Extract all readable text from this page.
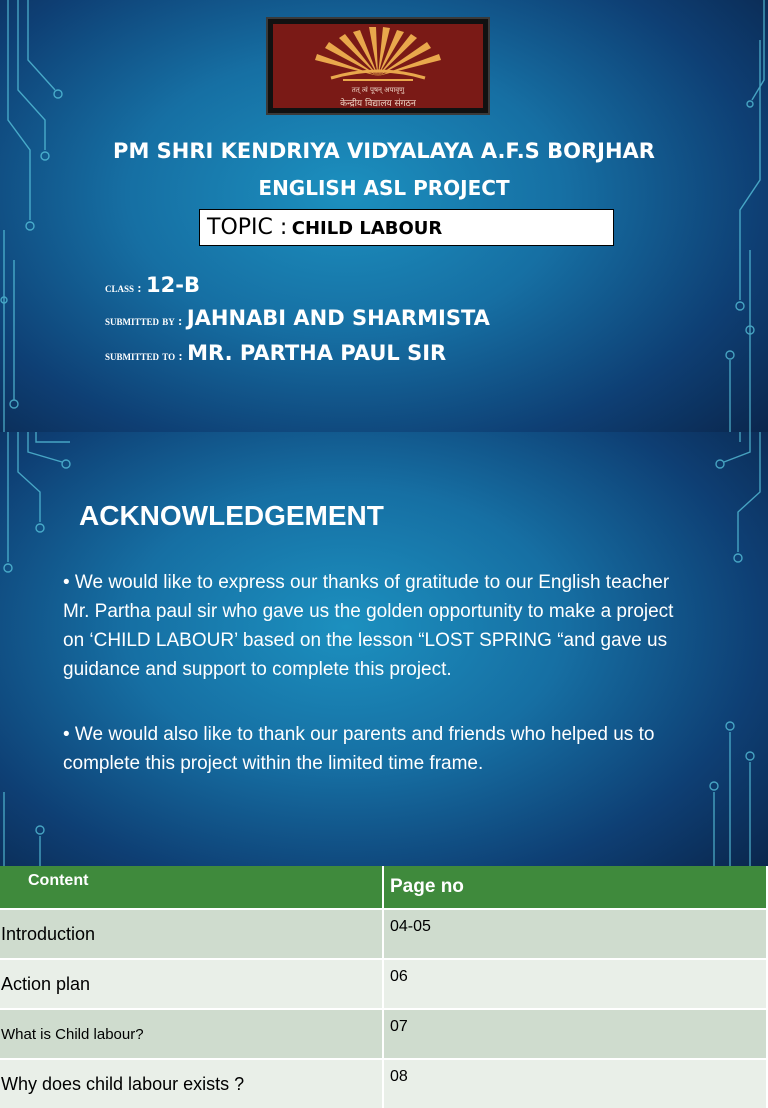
तत् त्वं पूषन् अपावृणु
केन्द्रीय विद्यालय संगठन
PM SHRI KENDRIYA VIDYALAYA A.F.S BORJHAR
ENGLISH ASL PROJECT
TOPIC : CHILD LABOUR
class : 12-B
submitted by : JAHNABI AND SHARMISTA
submitted to : MR. PARTHA PAUL SIR
ACKNOWLEDGEMENT
• We would like to express our thanks of gratitude to our English teacher Mr. Partha paul sir who gave us the golden opportunity to make a project on ‘CHILD LABOUR’ based on the lesson “LOST SPRING “and gave us guidance and support to complete this project.
• We would also like to thank our parents and friends who helped us to complete this project within the limited time frame.
Content	Page no
Introduction	04-05
Action plan	06
What is Child labour?	07
Why does child labour exists ?	08
